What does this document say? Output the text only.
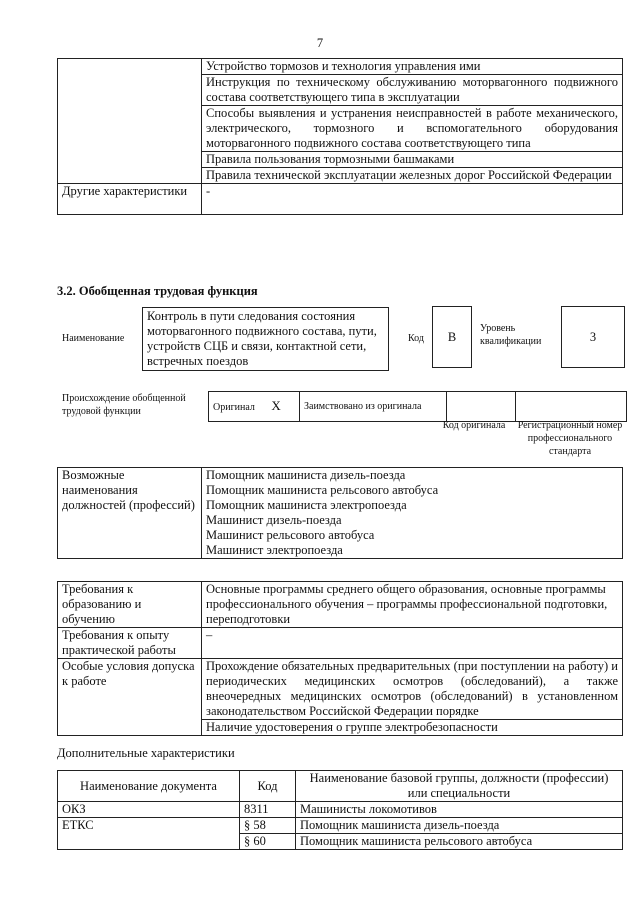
7
	Устройство тормозов и технология управления ими
	Инструкция по техническому обслуживанию моторвагонного подвижного состава соответствующего типа в эксплуатации
	Способы выявления и устранения неисправностей в работе механического, электрического, тормозного и вспомогательного оборудования моторвагонного подвижного состава соответствующего типа
	Правила пользования тормозными башмаками
	Правила технической эксплуатации железных дорог Российской Федерации
Другие характеристики	-
3.2. Обобщенная трудовая функция
Наименование
Контроль в пути следования состояния моторвагонного подвижного состава, пути, устройств СЦБ и связи, контактной сети, встречных поездов
Код	В
Уровень квалификации	3
Происхождение обобщенной трудовой функции	Оригинал X	Заимствовано из оригинала		
Код оригинала Регистрационный номер профессионального стандарта
Возможные наименования должностей (профессий)	Помощник машиниста дизель-поезда
Помощник машиниста рельсового автобуса
Помощник машиниста электропоезда
Машинист дизель-поезда
Машинист рельсового автобуса
Машинист электропоезда
Требования к образованию и обучению	Основные программы среднего общего образования, основные программы профессионального обучения – программы профессиональной подготовки, переподготовки
Требования к опыту практической работы	–
Особые условия допуска к работе	Прохождение обязательных предварительных (при поступлении на работу) и периодических медицинских осмотров (обследований), а также внеочередных медицинских осмотров (обследований) в установленном законодательством Российской Федерации порядке
	Наличие удостоверения о группе электробезопасности
Дополнительные характеристики
Наименование документа	Код	Наименование базовой группы, должности (профессии) или специальности
ОКЗ	8311	Машинисты локомотивов
ЕТКС	§ 58	Помощник машиниста дизель-поезда
	§ 60	Помощник машиниста рельсового автобуса
